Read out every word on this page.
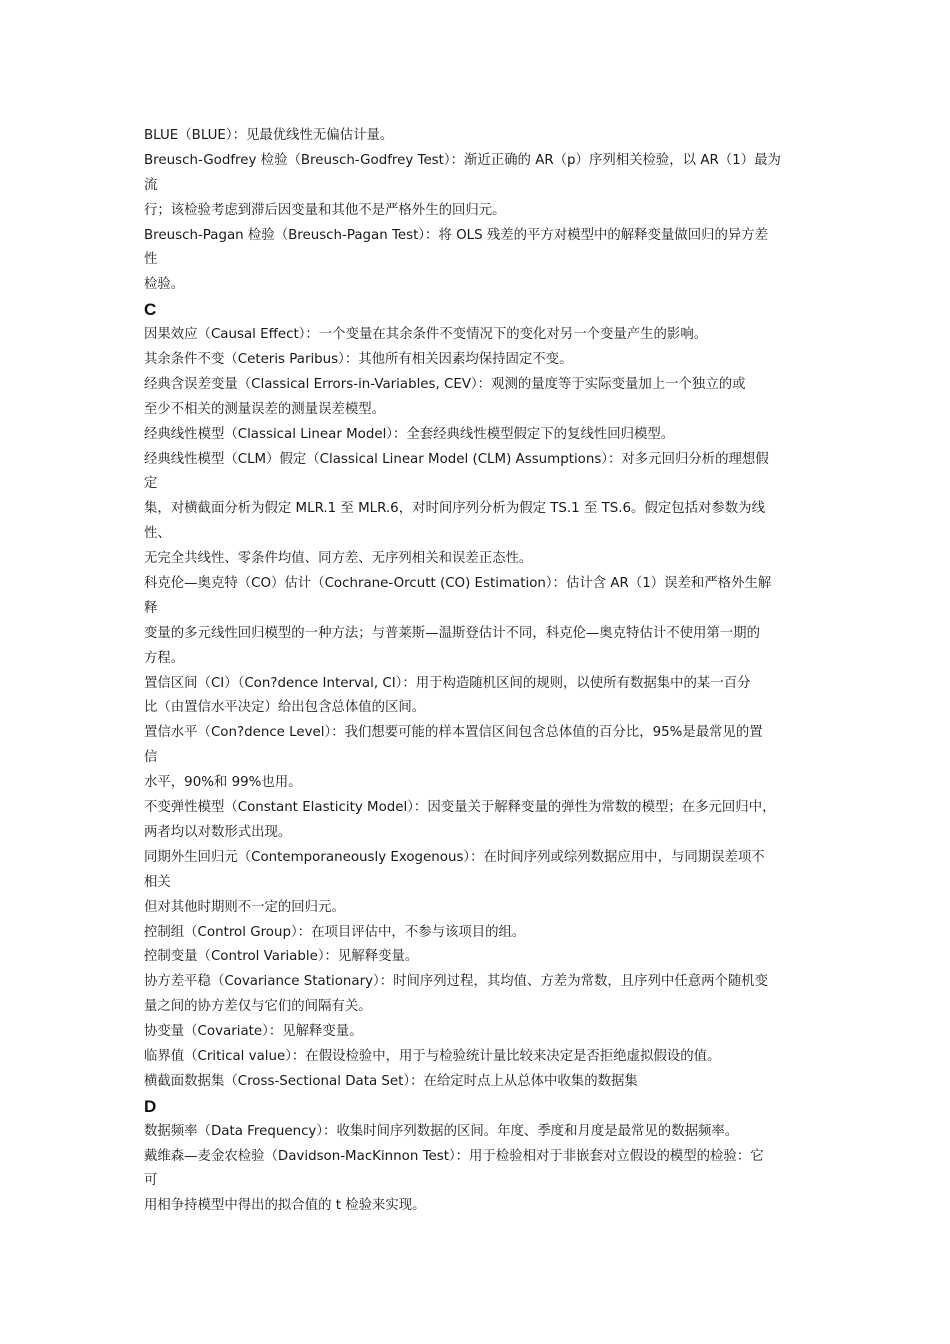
BLUE（BLUE）：见最优线性无偏估计量。
Breusch-Godfrey 检验（Breusch-Godfrey Test）：渐近正确的 AR（p）序列相关检验，以 AR（1）最为
流
行；该检验考虑到滞后因变量和其他不是严格外生的回归元。
Breusch-Pagan 检验（Breusch-Pagan Test）：将 OLS 残差的平方对模型中的解释变量做回归的异方差
性
检验。
C
因果效应（Causal Effect）：一个变量在其余条件不变情况下的变化对另一个变量产生的影响。
其余条件不变（Ceteris Paribus）：其他所有相关因素均保持固定不变。
经典含误差变量（Classical Errors-in-Variables, CEV）：观测的量度等于实际变量加上一个独立的或
至少不相关的测量误差的测量误差模型。
经典线性模型（Classical Linear Model）：全套经典线性模型假定下的复线性回归模型。
经典线性模型（CLM）假定（Classical Linear Model (CLM) Assumptions）：对多元回归分析的理想假
定
集，对横截面分析为假定 MLR.1 至 MLR.6，对时间序列分析为假定 TS.1 至 TS.6。假定包括对参数为线
性、
无完全共线性、零条件均值、同方差、无序列相关和误差正态性。
科克伦—奥克特（CO）估计（Cochrane-Orcutt (CO) Estimation）：估计含 AR（1）误差和严格外生解
释
变量的多元线性回归模型的一种方法；与普莱斯—温斯登估计不同，科克伦—奥克特估计不使用第一期的
方程。
置信区间（CI）（Con?dence Interval, CI）：用于构造随机区间的规则，以使所有数据集中的某一百分
比（由置信水平决定）给出包含总体值的区间。
置信水平（Con?dence Level）：我们想要可能的样本置信区间包含总体值的百分比，95%是最常见的置
信
水平，90%和 99%也用。
不变弹性模型（Constant Elasticity Model）：因变量关于解释变量的弹性为常数的模型；在多元回归中，
两者均以对数形式出现。
同期外生回归元（Contemporaneously Exogenous）：在时间序列或综列数据应用中，与同期误差项不
相关
但对其他时期则不一定的回归元。
控制组（Control Group）：在项目评估中，不参与该项目的组。
控制变量（Control Variable）：见解释变量。
协方差平稳（Covariance Stationary）：时间序列过程，其均值、方差为常数，且序列中任意两个随机变
量之间的协方差仅与它们的间隔有关。
协变量（Covariate）：见解释变量。
临界值（Critical value）：在假设检验中，用于与检验统计量比较来决定是否拒绝虚拟假设的值。
横截面数据集（Cross-Sectional Data Set）：在给定时点上从总体中收集的数据集
D
数据频率（Data Frequency）：收集时间序列数据的区间。年度、季度和月度是最常见的数据频率。
戴维森—麦金农检验（Davidson-MacKinnon Test）：用于检验相对于非嵌套对立假设的模型的检验：它
可
用相争持模型中得出的拟合值的 t 检验来实现。
